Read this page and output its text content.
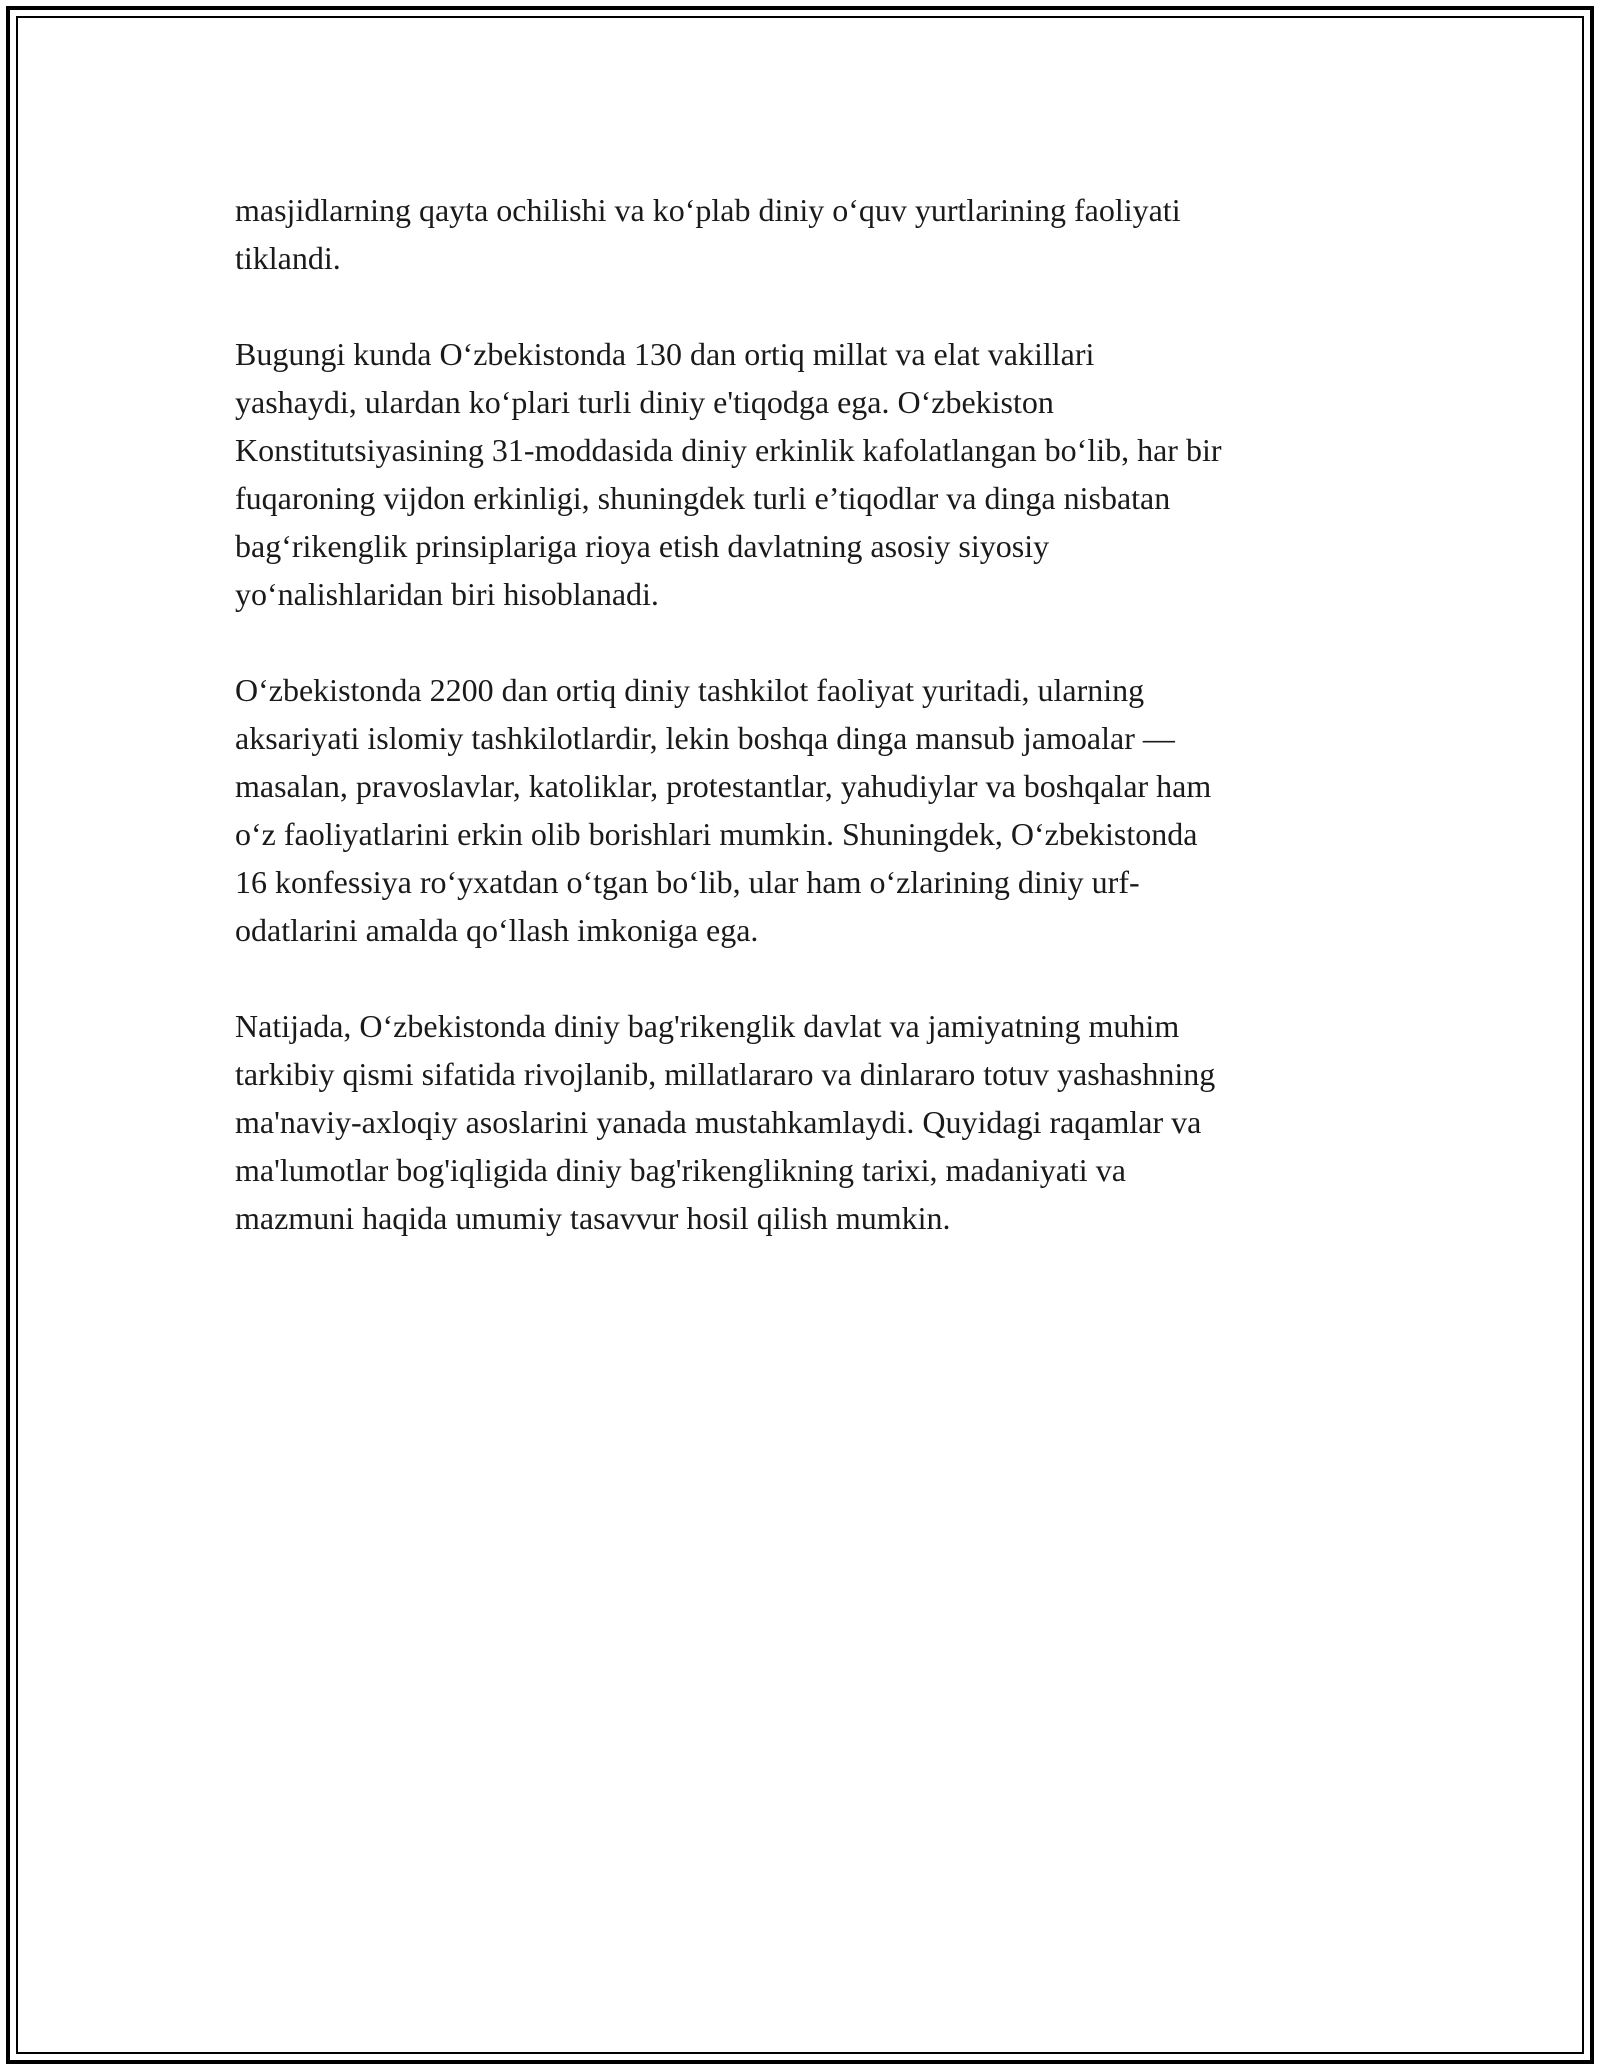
masjidlarning qayta ochilishi va koʻplab diniy oʻquv yurtlarining faoliyati
tiklandi.

Bugungi kunda Oʻzbekistonda 130 dan ortiq millat va elat vakillari
yashaydi, ulardan koʻplari turli diniy e'tiqodga ega. Oʻzbekiston
Konstitutsiyasining 31-moddasida diniy erkinlik kafolatlangan boʻlib, har bir
fuqaroning vijdon erkinligi, shuningdek turli e’tiqodlar va dinga nisbatan
bagʻrikenglik prinsiplariga rioya etish davlatning asosiy siyosiy
yoʻnalishlaridan biri hisoblanadi.

Oʻzbekistonda 2200 dan ortiq diniy tashkilot faoliyat yuritadi, ularning
aksariyati islomiy tashkilotlardir, lekin boshqa dinga mansub jamoalar —
masalan, pravoslavlar, katoliklar, protestantlar, yahudiylar va boshqalar ham
oʻz faoliyatlarini erkin olib borishlari mumkin. Shuningdek, Oʻzbekistonda
16 konfessiya roʻyxatdan oʻtgan boʻlib, ular ham oʻzlarining diniy urf-
odatlarini amalda qoʻllash imkoniga ega.

Natijada, Oʻzbekistonda diniy bag'rikenglik davlat va jamiyatning muhim
tarkibiy qismi sifatida rivojlanib, millatlararo va dinlararo totuv yashashning
ma'naviy-axloqiy asoslarini yanada mustahkamlaydi. Quyidagi raqamlar va
ma'lumotlar bog'iqligida diniy bag'rikenglikning tarixi, madaniyati va
mazmuni haqida umumiy tasavvur hosil qilish mumkin.
